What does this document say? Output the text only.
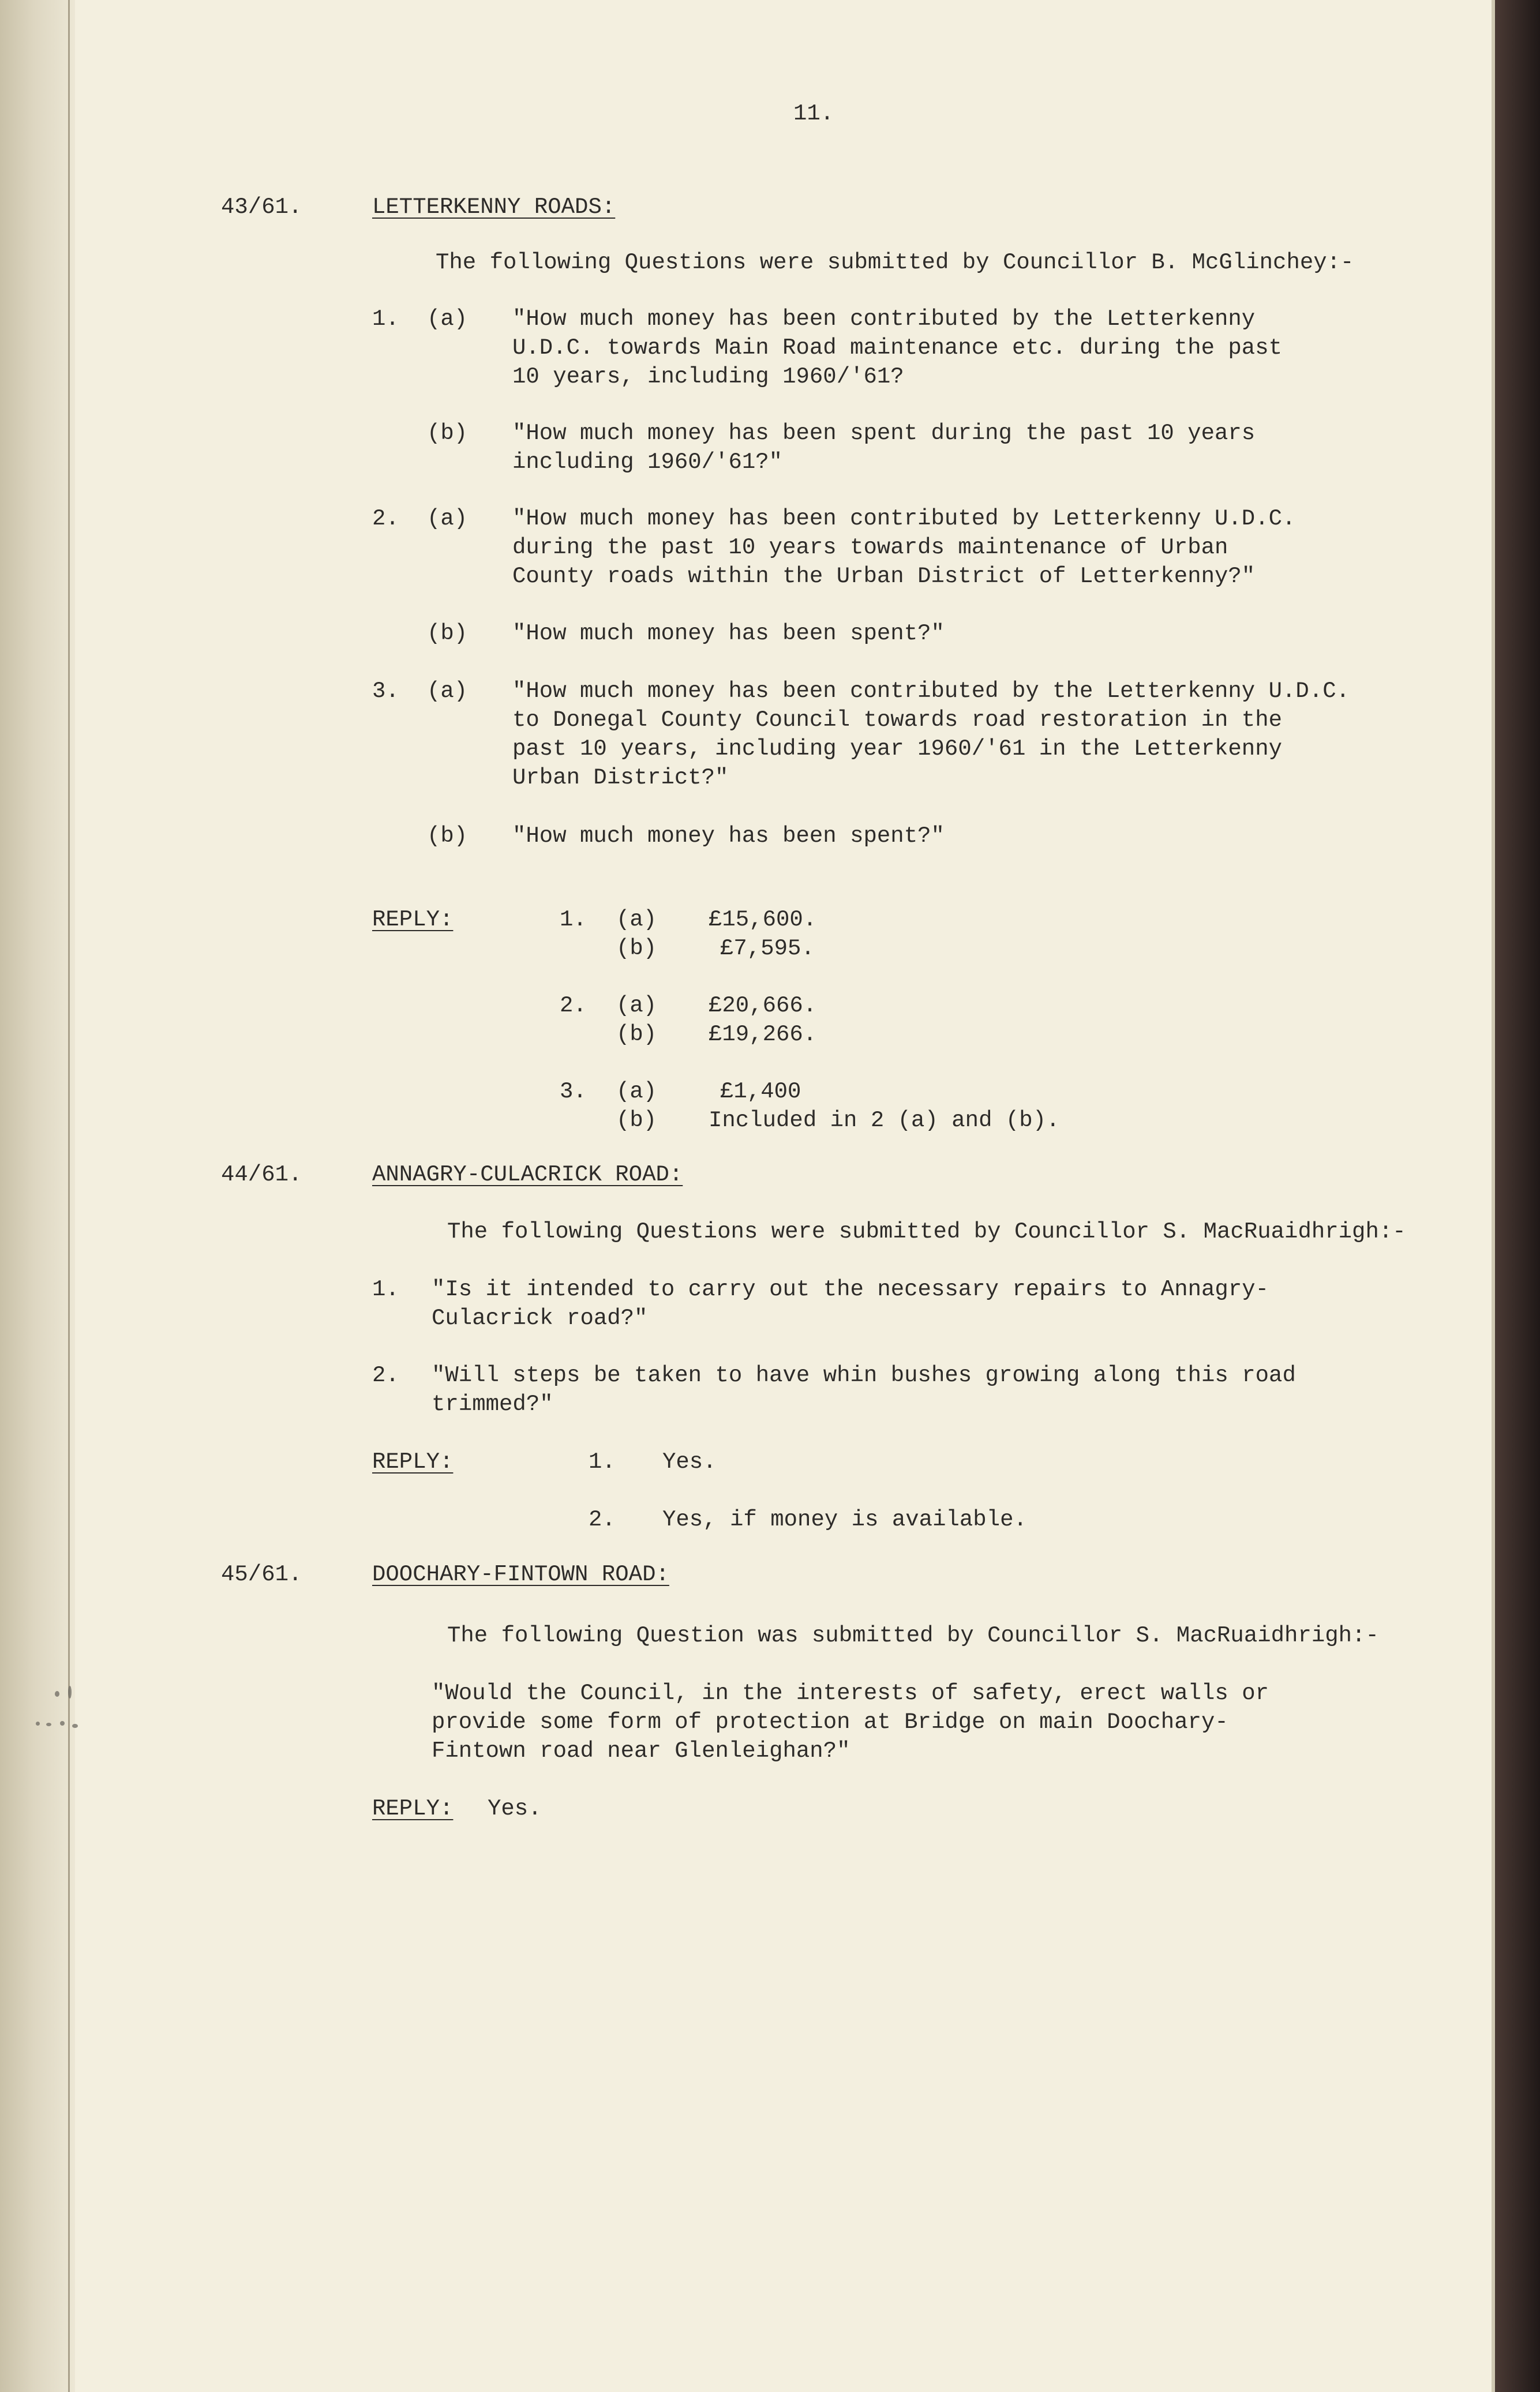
11.

43/61.	LETTERKENNY ROADS:

The following Questions were submitted by Councillor B. McGlinchey:-

1. (a) "How much money has been contributed by the Letterkenny
U.D.C. towards Main Road maintenance etc. during the past
10 years, including 1960/'61?

(b) "How much money has been spent during the past 10 years
including 1960/'61?"

2. (a) "How much money has been contributed by Letterkenny U.D.C.
during the past 10 years towards maintenance of Urban
County roads within the Urban District of Letterkenny?"

(b) "How much money has been spent?"

3. (a) "How much money has been contributed by the Letterkenny U.D.C.
to Donegal County Council towards road restoration in the
past 10 years, including year 1960/'61 in the Letterkenny
Urban District?"

(b) "How much money has been spent?"

REPLY:	1. (a) £15,600.

(b)	£7,595.

2. (a) £20,666.

(b) £19,266.

3. (a)	£1,400

(b) Included in 2 (a) and (b).

44/61.	ANNAGRY-CULACRICK ROAD:

The following Questions were submitted by Councillor S. MacRuaidhrigh:-

1. "Is it intended to carry out the necessary repairs to Annagry-
Culacrick road?"

2. "Will steps be taken to have whin bushes growing along this road
trimmed?"

REPLY:	1. Yes.

2. Yes, if money is available.

45/61.	DOOCHARY-FINTOWN ROAD:

The following Question was submitted by Councillor S. MacRuaidhrigh:-

"Would the Council, in the interests of safety, erect walls or
provide some form of protection at Bridge on main Doochary-
Fintown road near Glenleighan?"

REPLY: Yes.
